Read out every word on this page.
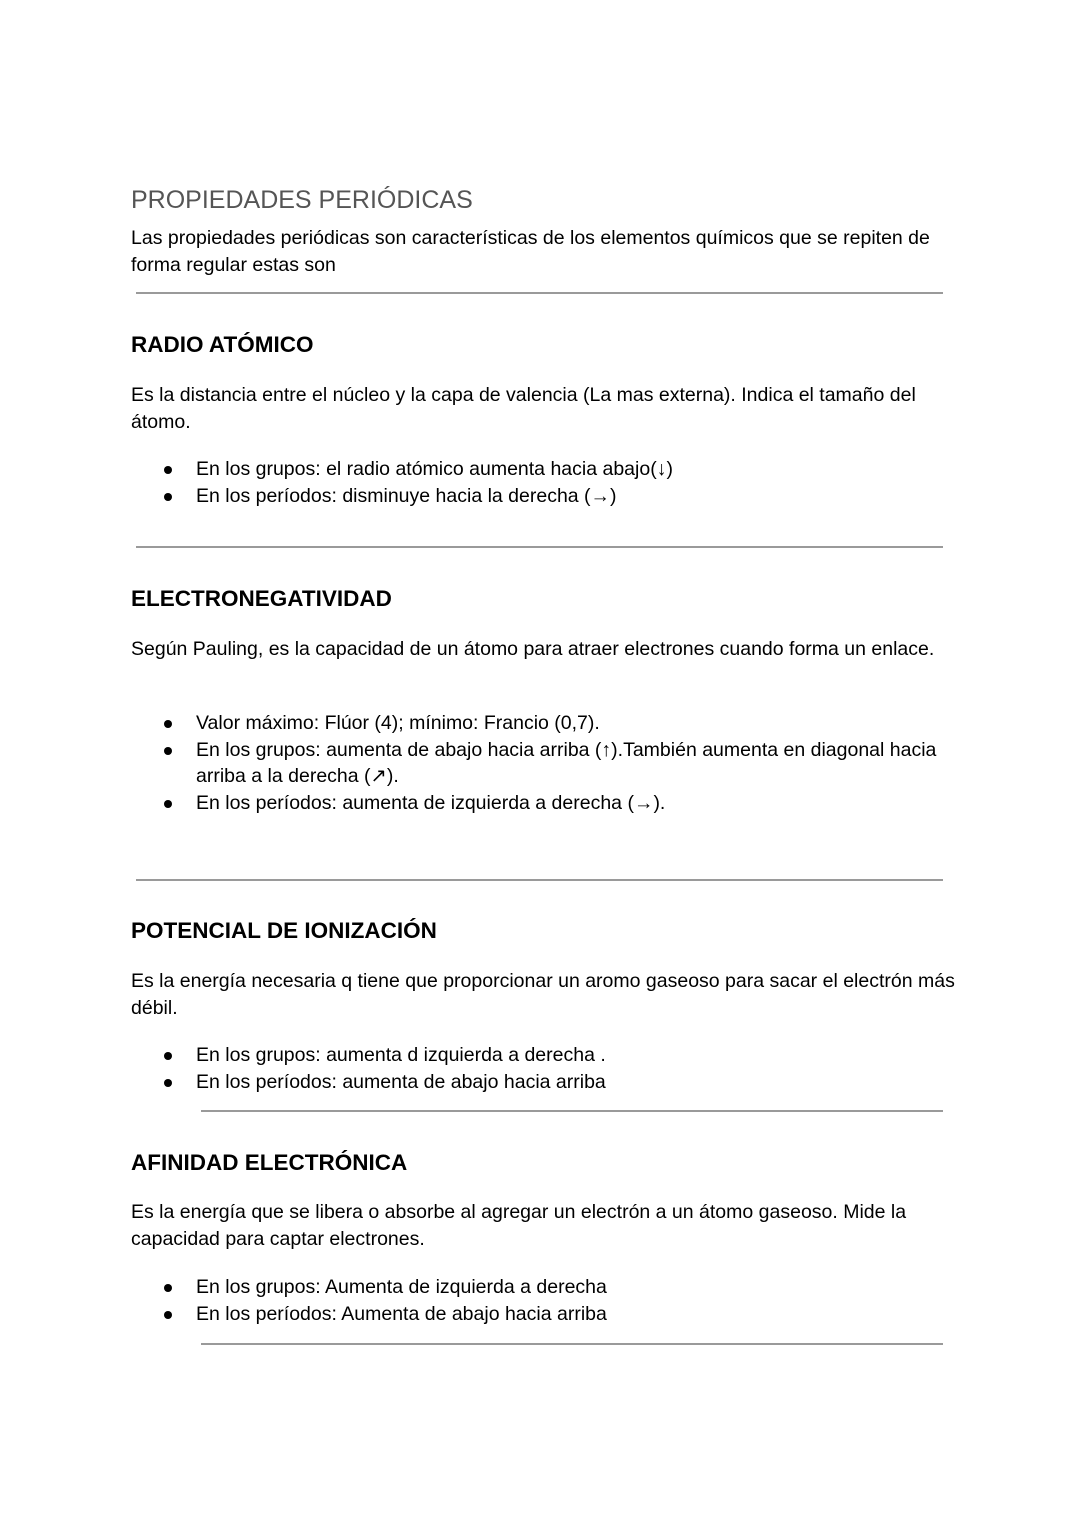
PROPIEDADES PERIÓDICAS

Las propiedades periódicas son características de los elementos químicos que se repiten de forma regular estas son

RADIO ATÓMICO

Es la distancia entre el núcleo y la capa de valencia (La mas externa). Indica el tamaño del átomo.

En los grupos: el radio atómico aumenta hacia abajo(↓)
En los períodos: disminuye hacia la derecha (→)
ELECTRONEGATIVIDAD

Según Pauling, es la capacidad de un átomo para atraer electrones cuando forma un enlace.

Valor máximo: Flúor (4); mínimo: Francio (0,7).
En los grupos: aumenta de abajo hacia arriba (↑).También aumenta en diagonal hacia arriba a la derecha (↗).
En los períodos: aumenta de izquierda a derecha (→).
POTENCIAL DE IONIZACIÓN

Es la energía necesaria q tiene que proporcionar un aromo gaseoso para sacar el electrón más débil.

En los grupos: aumenta d izquierda a derecha .
En los períodos: aumenta de abajo hacia arriba
AFINIDAD ELECTRÓNICA

Es la energía que se libera o absorbe al agregar un electrón a un átomo gaseoso. Mide la capacidad para captar electrones.

En los grupos: Aumenta de izquierda a derecha
En los períodos: Aumenta de abajo hacia arriba
